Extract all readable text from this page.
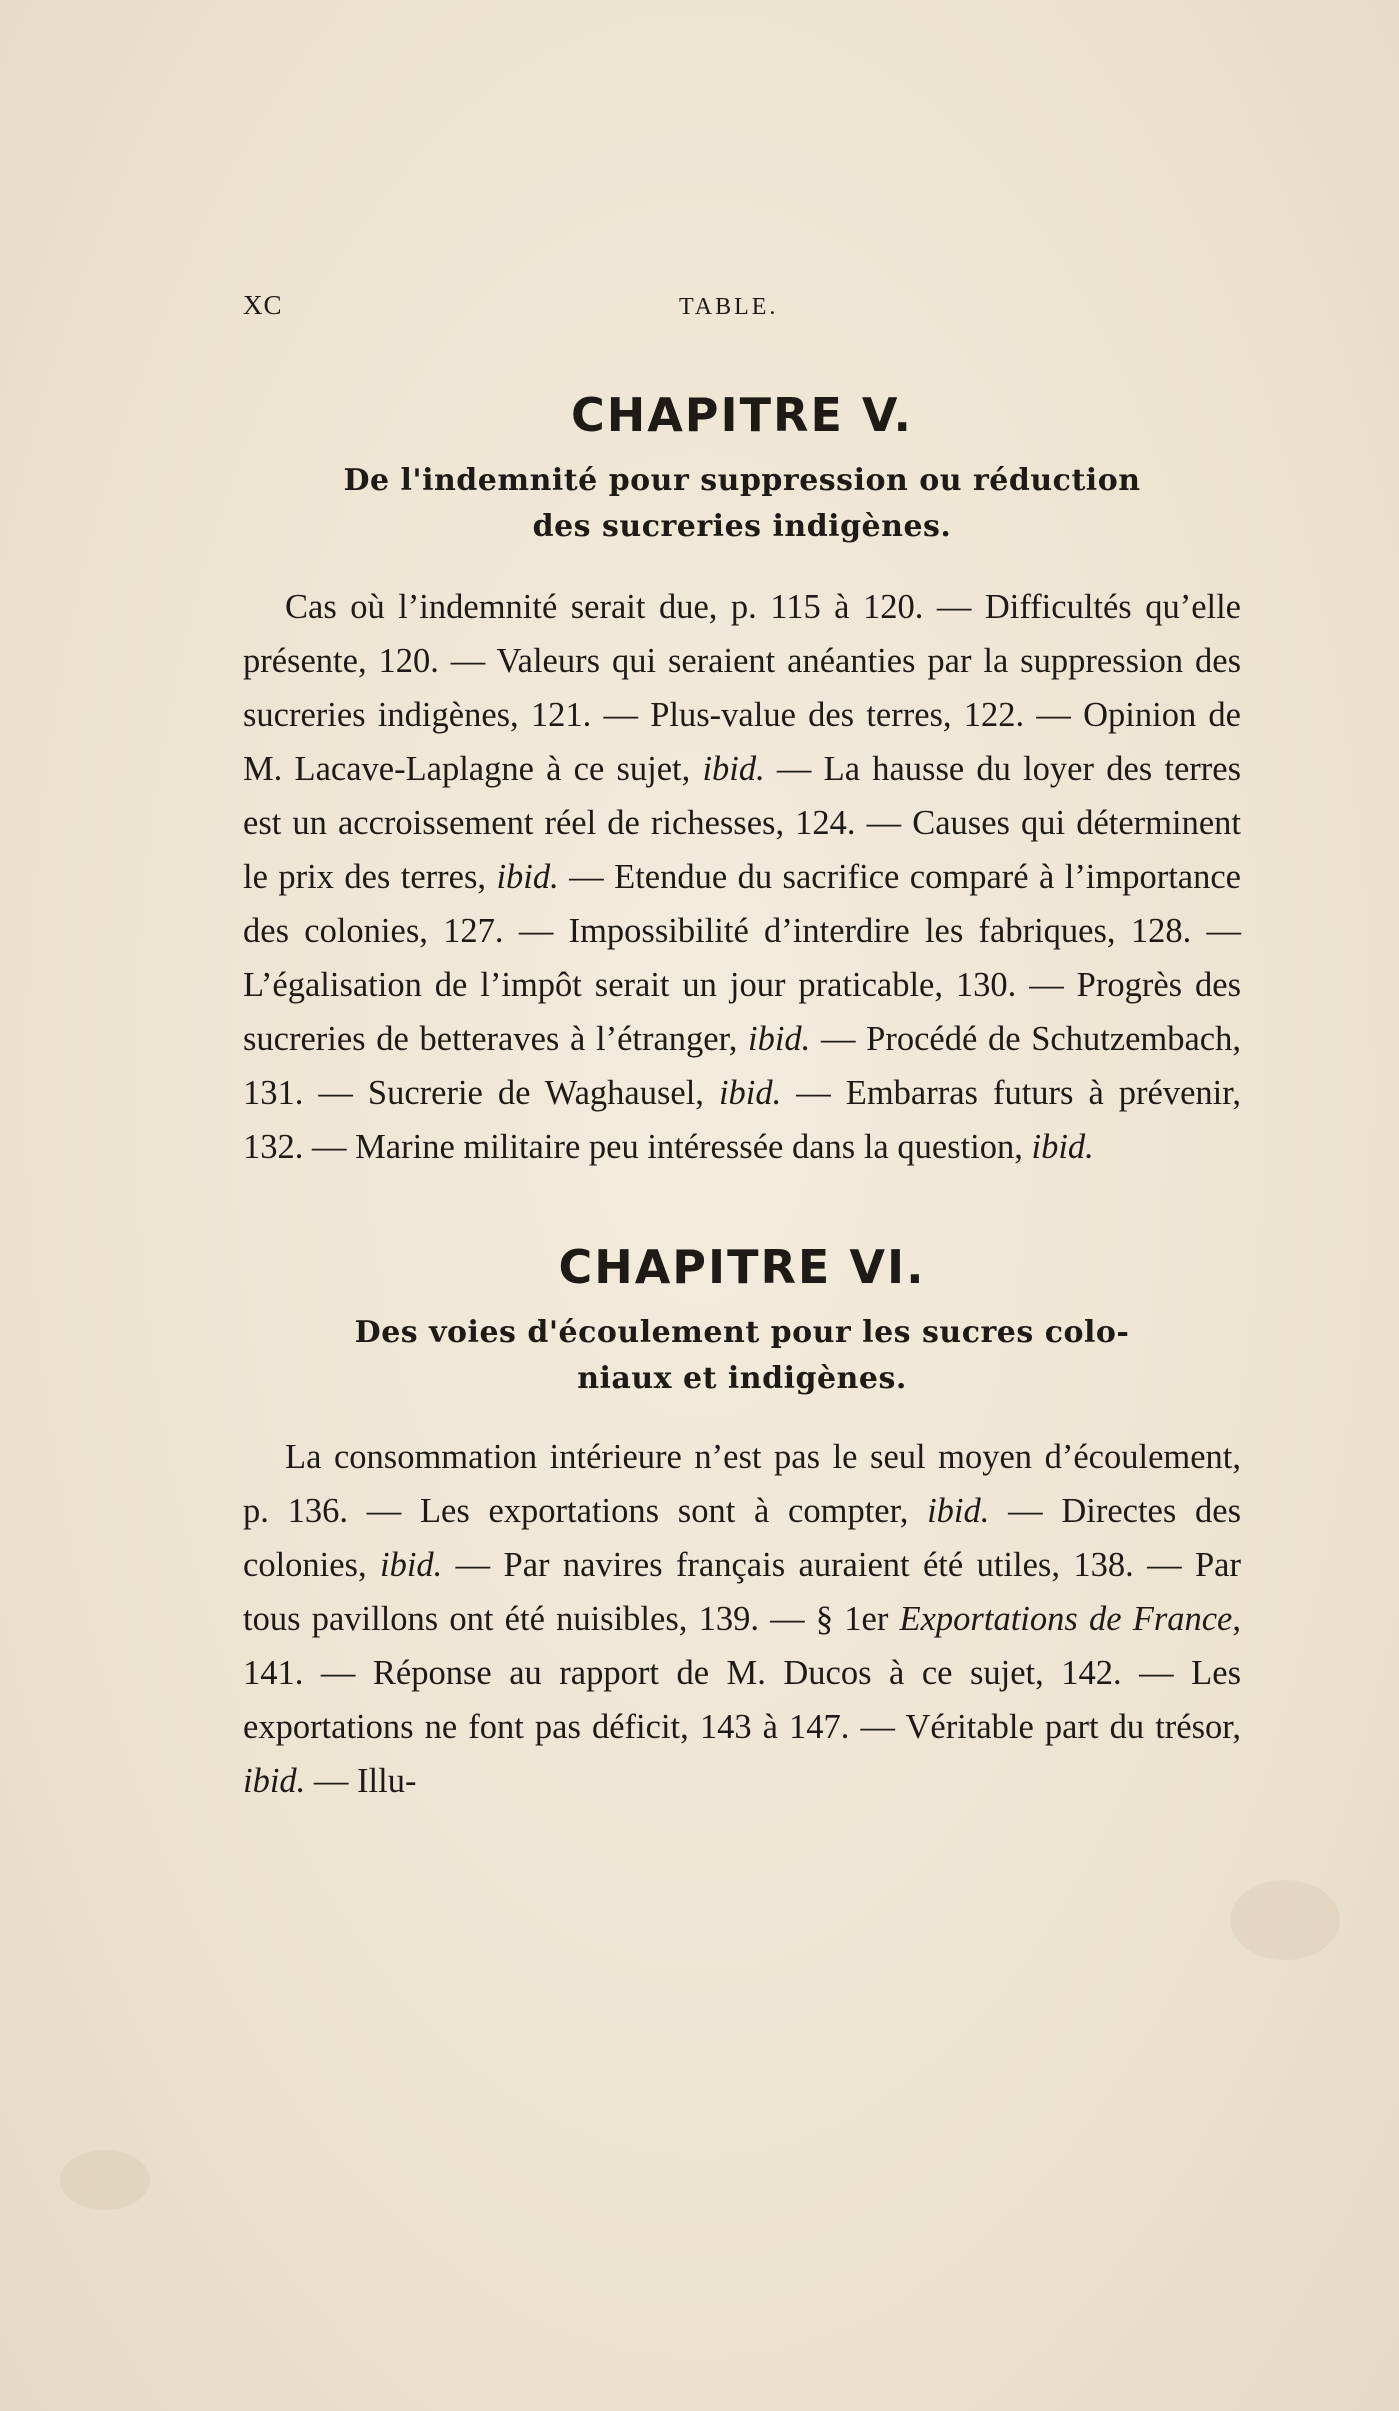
XC	TABLE.
CHAPITRE V.
De l'indemnité pour suppression ou réduction
des sucreries indigènes.

Cas où l’indemnité serait due, p. 115 à 120. — Difficultés qu’elle présente, 120. — Valeurs qui seraient anéanties par la suppression des sucreries indigènes, 121. — Plus-value des terres, 122. — Opinion de M. Lacave-Laplagne à ce sujet, ibid. — La hausse du loyer des terres est un accroissement réel de richesses, 124. — Causes qui déterminent le prix des terres, ibid. — Etendue du sacrifice comparé à l’importance des colonies, 127. — Impossibilité d’interdire les fabriques, 128. — L’égalisation de l’impôt serait un jour praticable, 130. — Progrès des sucreries de betteraves à l’étranger, ibid. — Procédé de Schutzembach, 131. — Sucrerie de Waghausel, ibid. — Embarras futurs à prévenir, 132. — Marine militaire peu intéressée dans la question, ibid.

CHAPITRE VI.
Des voies d'écoulement pour les sucres colo-
niaux et indigènes.

La consommation intérieure n’est pas le seul moyen d’écoulement, p. 136. — Les exportations sont à compter, ibid. — Directes des colonies, ibid. — Par navires français auraient été utiles, 138. — Par tous pavillons ont été nuisibles, 139. — § 1er Exportations de France, 141. — Réponse au rapport de M. Ducos à ce sujet, 142. — Les exportations ne font pas déficit, 143 à 147. — Véritable part du trésor, ibid. — Illu-
